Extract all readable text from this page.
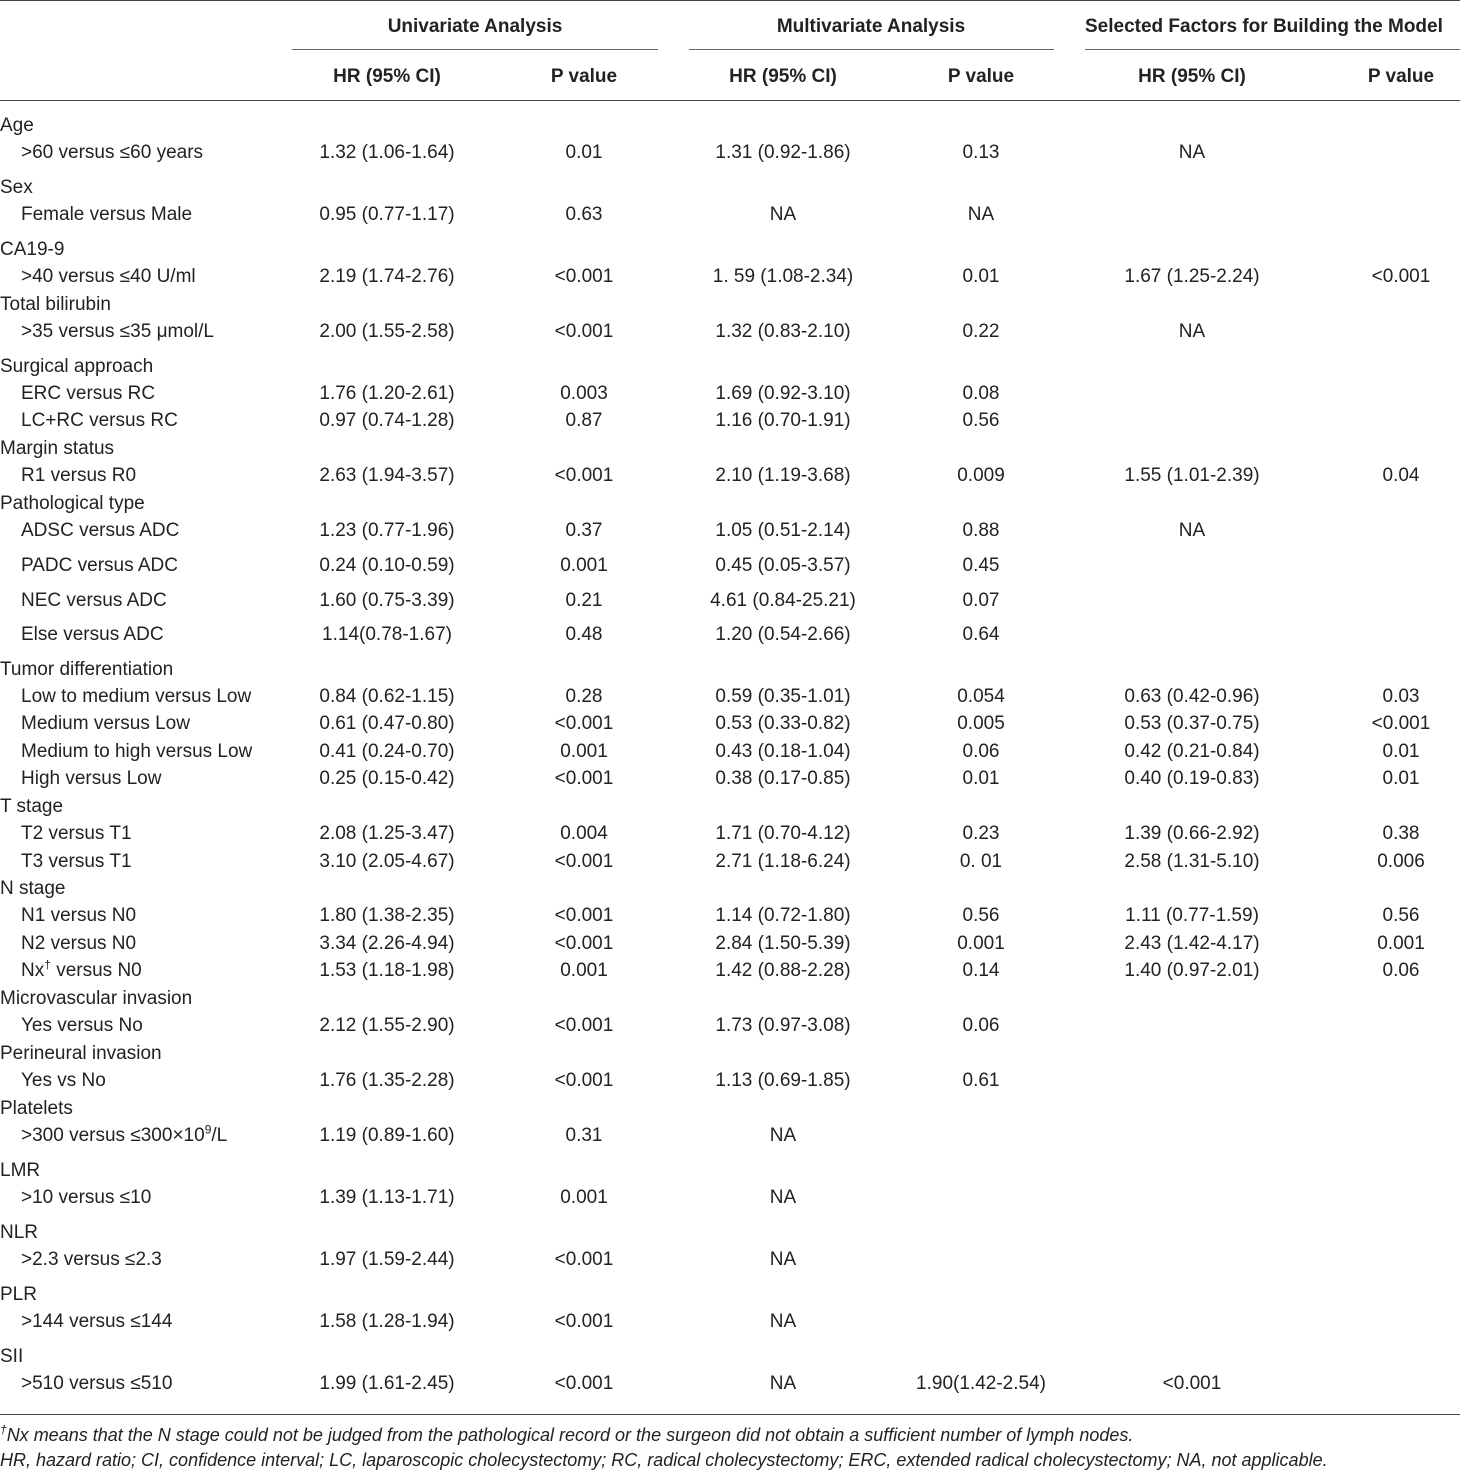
Univariate Analysis	Multivariate Analysis	Selected Factors for Building the Model
HR (95% CI)	P value	HR (95% CI)	P value	HR (95% CI)	P value
Age
>60 versus ≤60 years	1.32 (1.06-1.64)	0.01	1.31 (0.92-1.86)	0.13	NA
Sex
Female versus Male	0.95 (0.77-1.17)	0.63	NA	NA
CA19-9
>40 versus ≤40 U/ml	2.19 (1.74-2.76)	<0.001	1. 59 (1.08-2.34)	0.01	1.67 (1.25-2.24)	<0.001
Total bilirubin
>35 versus ≤35 μmol/L	2.00 (1.55-2.58)	<0.001	1.32 (0.83-2.10)	0.22	NA
Surgical approach
ERC versus RC	1.76 (1.20-2.61)	0.003	1.69 (0.92-3.10)	0.08
LC+RC versus RC	0.97 (0.74-1.28)	0.87	1.16 (0.70-1.91)	0.56
Margin status
R1 versus R0	2.63 (1.94-3.57)	<0.001	2.10 (1.19-3.68)	0.009	1.55 (1.01-2.39)	0.04
Pathological type
ADSC versus ADC	1.23 (0.77-1.96)	0.37	1.05 (0.51-2.14)	0.88	NA
PADC versus ADC	0.24 (0.10-0.59)	0.001	0.45 (0.05-3.57)	0.45
NEC versus ADC	1.60 (0.75-3.39)	0.21	4.61 (0.84-25.21)	0.07
Else versus ADC	1.14(0.78-1.67)	0.48	1.20 (0.54-2.66)	0.64
Tumor differentiation
Low to medium versus Low	0.84 (0.62-1.15)	0.28	0.59 (0.35-1.01)	0.054	0.63 (0.42-0.96)	0.03
Medium versus Low	0.61 (0.47-0.80)	<0.001	0.53 (0.33-0.82)	0.005	0.53 (0.37-0.75)	<0.001
Medium to high versus Low	0.41 (0.24-0.70)	0.001	0.43 (0.18-1.04)	0.06	0.42 (0.21-0.84)	0.01
High versus Low	0.25 (0.15-0.42)	<0.001	0.38 (0.17-0.85)	0.01	0.40 (0.19-0.83)	0.01
T stage
T2 versus T1	2.08 (1.25-3.47)	0.004	1.71 (0.70-4.12)	0.23	1.39 (0.66-2.92)	0.38
T3 versus T1	3.10 (2.05-4.67)	<0.001	2.71 (1.18-6.24)	0. 01	2.58 (1.31-5.10)	0.006
N stage
N1 versus N0	1.80 (1.38-2.35)	<0.001	1.14 (0.72-1.80)	0.56	1.11 (0.77-1.59)	0.56
N2 versus N0	3.34 (2.26-4.94)	<0.001	2.84 (1.50-5.39)	0.001	2.43 (1.42-4.17)	0.001
Nx† versus N0	1.53 (1.18-1.98)	0.001	1.42 (0.88-2.28)	0.14	1.40 (0.97-2.01)	0.06
Microvascular invasion
Yes versus No	2.12 (1.55-2.90)	<0.001	1.73 (0.97-3.08)	0.06
Perineural invasion
Yes vs No	1.76 (1.35-2.28)	<0.001	1.13 (0.69-1.85)	0.61
Platelets
>300 versus $\le 300\times 10^9/L$	1.19 (0.89-1.60)	0.31	NA
LMR
>10 versus ≤10	1.39 (1.13-1.71)	0.001	NA
NLR
>2.3 versus ≤2.3	1.97 (1.59-2.44)	<0.001	NA
PLR
>144 versus ≤144	1.58 (1.28-1.94)	<0.001	NA
SII
>510 versus ≤510	1.99 (1.61-2.45)	<0.001	NA	1.90(1.42-2.54)	<0.001
†Nx means that the N stage could not be judged from the pathological record or the surgeon did not obtain a sufficient number of lymph nodes.
HR, hazard ratio; CI, confidence interval; LC, laparoscopic cholecystectomy; RC, radical cholecystectomy; ERC, extended radical cholecystectomy; NA, not applicable.
